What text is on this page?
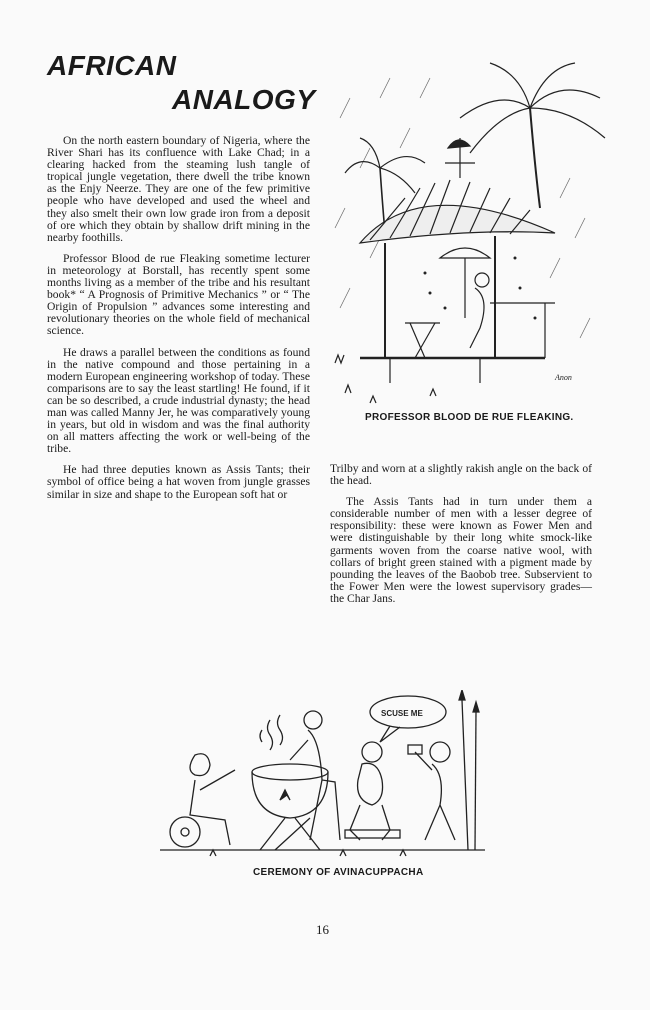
AFRICAN
ANALOGY

On the north eastern boundary of Nigeria, where the River Shari has its confluence with Lake Chad; in a clearing hacked from the steaming lush tangle of tropical jungle vegetation, there dwell the tribe known as the Enjy Neerze. They are one of the few primitive people who have developed and used the wheel and they also smelt their own low grade iron from a deposit of ore which they obtain by shallow drift mining in the nearby foothills.

Professor Blood de rue Fleaking sometime lecturer in meteorology at Borstall, has recently spent some months living as a member of the tribe and his resultant book* “ A Prognosis of Primitive Mechanics ” or “ The Origin of Propulsion ” advances some interesting and revolutionary theories on the whole field of mechanical science.

He draws a parallel between the conditions as found in the native compound and those pertaining in a modern European engineering workshop of today. These comparisons are to say the least startling! He found, if it can be so described, a crude industrial dynasty; the head man was called Manny Jer, he was comparatively young in years, but old in wisdom and was the final authority on all matters affecting the work or well-being of the tribe.

He had three deputies known as Assis Tants; their symbol of office being a hat woven from jungle grasses similar in size and shape to the European soft hat or

Anon
PROFESSOR BLOOD DE RUE FLEAKING.

Trilby and worn at a slightly rakish angle on the back of the head.

The Assis Tants had in turn under them a considerable number of men with a lesser degree of responsibility: these were known as Fower Men and were distinguishable by their long white smock-like garments woven from the coarse native wool, with collars of bright green stained with a pigment made by pounding the leaves of the Baobob tree. Subservient to the Fower Men were the lowest supervisory grades—the Char Jans.

SCUSE ME
CEREMONY OF AVINACUPPACHA
16
